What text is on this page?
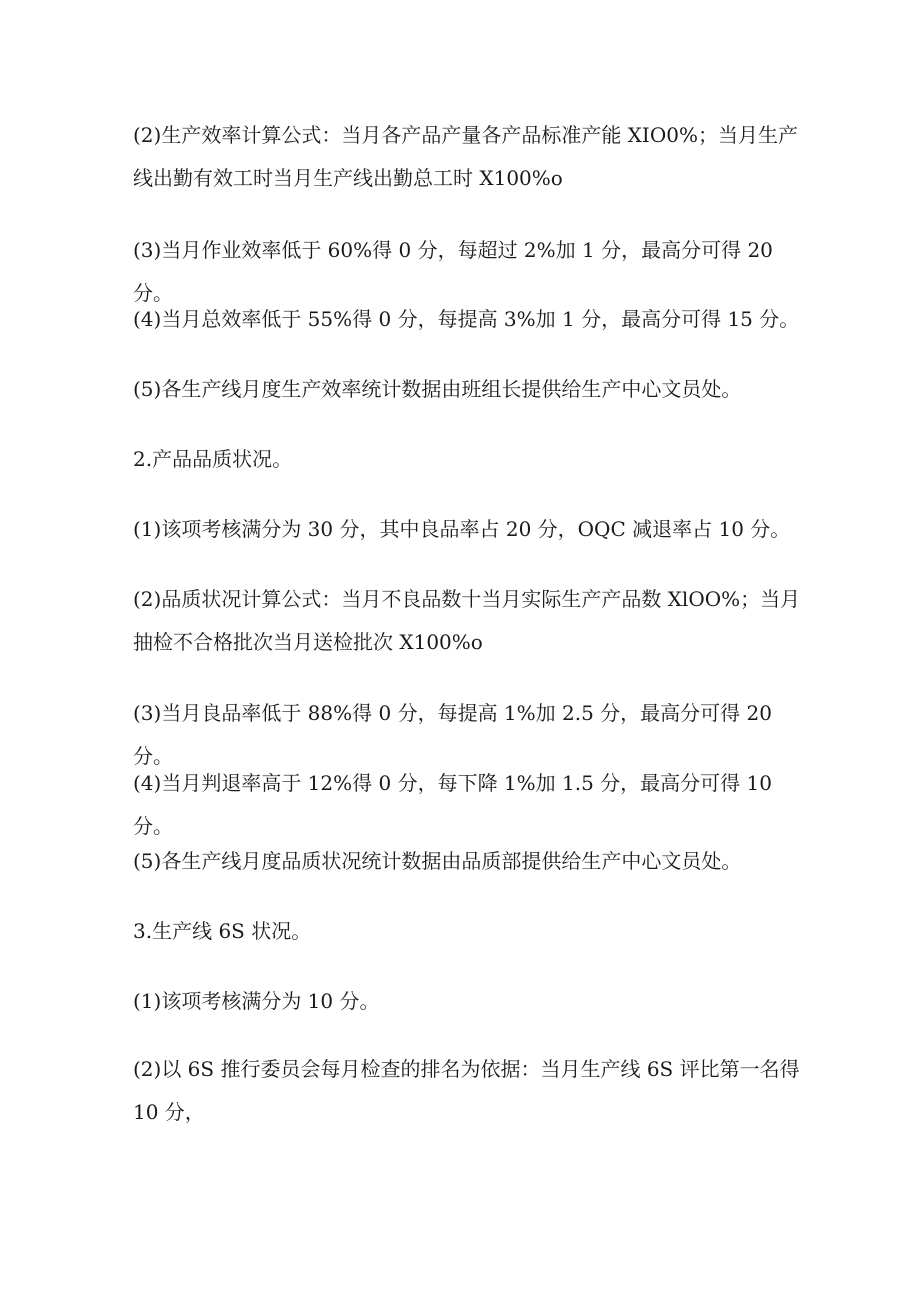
(2)生产效率计算公式：当月各产品产量各产品标准产能 XIO0%；当月生产线出勤有效工时当月生产线出勤总工时 X100%o

(3)当月作业效率低于 60%得 0 分，每超过 2%加 1 分，最高分可得 20 分。

(4)当月总效率低于 55%得 0 分，每提高 3%加 1 分，最高分可得 15 分。

(5)各生产线月度生产效率统计数据由班组长提供给生产中心文员处。

2.产品品质状况。

(1)该项考核满分为 30 分，其中良品率占 20 分，OQC 减退率占 10 分。

(2)品质状况计算公式：当月不良品数十当月实际生产产品数 XlOO%；当月抽检不合格批次当月送检批次 X100%o

(3)当月良品率低于 88%得 0 分，每提高 1%加 2.5 分，最高分可得 20 分。

(4)当月判退率高于 12%得 0 分，每下降 1%加 1.5 分，最高分可得 10 分。

(5)各生产线月度品质状况统计数据由品质部提供给生产中心文员处。

3.生产线 6S 状况。

(1)该项考核满分为 10 分。

(2)以 6S 推行委员会每月检查的排名为依据：当月生产线 6S 评比第一名得 10 分，
